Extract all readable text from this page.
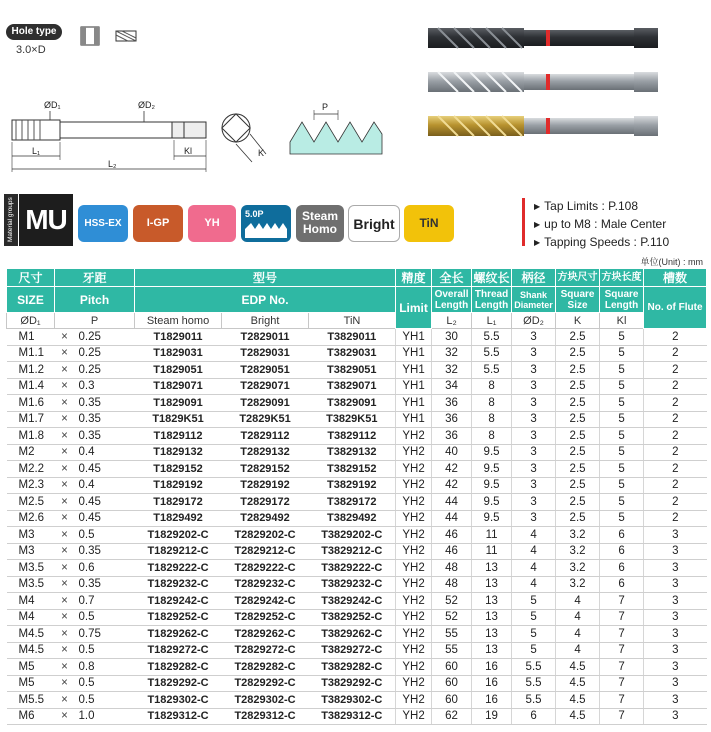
Hole type
3.0×D
ØD₁	ØD₂
L₁	Kl
L₂
K
P
Material groups MU	HSS-EX	I-GP	YH
5.0P	Steam
Homo	Bright	TiN
▶ Tap Limits : P.108
▶ up to M8 : Male Center
▶ Tapping Speeds : P.110
单位(Unit) : mm
尺寸	牙距		型号			精度	全长	螺纹长	柄径	方块尺寸	方块长度	槽数
SIZE	Pitch		EDP No.			Limit	Overall Length	Thread Length	Shank Diameter	Square Size	Square Length	No. of Flute
ØD₁	P		Steam homo	Bright	TiN		L₂	L₁	ØD₂	K	Kl	
M1	×	0.25	T1829011	T2829011	T3829011	YH1	30	5.5	3	2.5	5	2
M1.1	×	0.25	T1829031	T2829031	T3829031	YH1	32	5.5	3	2.5	5	2
M1.2	×	0.25	T1829051	T2829051	T3829051	YH1	32	5.5	3	2.5	5	2
M1.4	×	0.3	T1829071	T2829071	T3829071	YH1	34	8	3	2.5	5	2
M1.6	×	0.35	T1829091	T2829091	T3829091	YH1	36	8	3	2.5	5	2
M1.7	×	0.35	T1829K51	T2829K51	T3829K51	YH1	36	8	3	2.5	5	2
M1.8	×	0.35	T1829112	T2829112	T3829112	YH2	36	8	3	2.5	5	2
M2	×	0.4	T1829132	T2829132	T3829132	YH2	40	9.5	3	2.5	5	2
M2.2	×	0.45	T1829152	T2829152	T3829152	YH2	42	9.5	3	2.5	5	2
M2.3	×	0.4	T1829192	T2829192	T3829192	YH2	42	9.5	3	2.5	5	2
M2.5	×	0.45	T1829172	T2829172	T3829172	YH2	44	9.5	3	2.5	5	2
M2.6	×	0.45	T1829492	T2829492	T3829492	YH2	44	9.5	3	2.5	5	2
M3	×	0.5	T1829202-C	T2829202-C	T3829202-C	YH2	46	11	4	3.2	6	3
M3	×	0.35	T1829212-C	T2829212-C	T3829212-C	YH2	46	11	4	3.2	6	3
M3.5	×	0.6	T1829222-C	T2829222-C	T3829222-C	YH2	48	13	4	3.2	6	3
M3.5	×	0.35	T1829232-C	T2829232-C	T3829232-C	YH2	48	13	4	3.2	6	3
M4	×	0.7	T1829242-C	T2829242-C	T3829242-C	YH2	52	13	5	4	7	3
M4	×	0.5	T1829252-C	T2829252-C	T3829252-C	YH2	52	13	5	4	7	3
M4.5	×	0.75	T1829262-C	T2829262-C	T3829262-C	YH2	55	13	5	4	7	3
M4.5	×	0.5	T1829272-C	T2829272-C	T3829272-C	YH2	55	13	5	4	7	3
M5	×	0.8	T1829282-C	T2829282-C	T3829282-C	YH2	60	16	5.5	4.5	7	3
M5	×	0.5	T1829292-C	T2829292-C	T3829292-C	YH2	60	16	5.5	4.5	7	3
M5.5	×	0.5	T1829302-C	T2829302-C	T3829302-C	YH2	60	16	5.5	4.5	7	3
M6	×	1.0	T1829312-C	T2829312-C	T3829312-C	YH2	62	19	6	4.5	7	3
